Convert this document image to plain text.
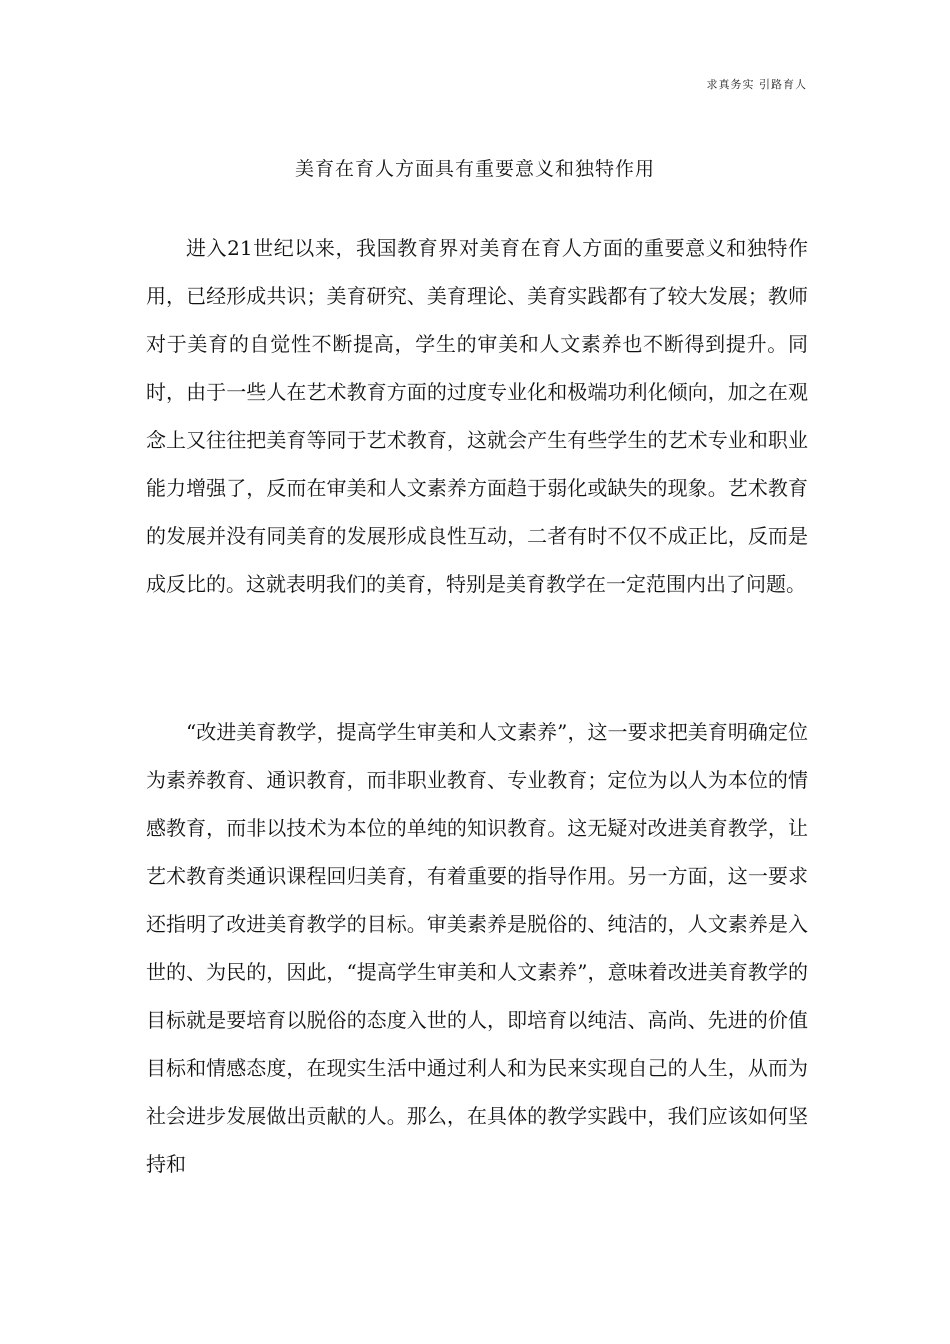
求真务实 引路育人
美育在育人方面具有重要意义和独特作用

进入21世纪以来，我国教育界对美育在育人方面的重要意义和独特作用，已经形成共识；美育研究、美育理论、美育实践都有了较大发展；教师对于美育的自觉性不断提高，学生的审美和人文素养也不断得到提升。同时，由于一些人在艺术教育方面的过度专业化和极端功利化倾向，加之在观念上又往往把美育等同于艺术教育，这就会产生有些学生的艺术专业和职业能力增强了，反而在审美和人文素养方面趋于弱化或缺失的现象。艺术教育的发展并没有同美育的发展形成良性互动，二者有时不仅不成正比，反而是成反比的。这就表明我们的美育，特别是美育教学在一定范围内出了问题。

“改进美育教学，提高学生审美和人文素养”，这一要求把美育明确定位为素养教育、通识教育，而非职业教育、专业教育；定位为以人为本位的情感教育，而非以技术为本位的单纯的知识教育。这无疑对改进美育教学，让艺术教育类通识课程回归美育，有着重要的指导作用。另一方面，这一要求还指明了改进美育教学的目标。审美素养是脱俗的、纯洁的，人文素养是入世的、为民的，因此，“提高学生审美和人文素养”，意味着改进美育教学的目标就是要培育以脱俗的态度入世的人，即培育以纯洁、高尚、先进的价值目标和情感态度，在现实生活中通过利人和为民来实现自己的人生，从而为社会进步发展做出贡献的人。那么，在具体的教学实践中，我们应该如何坚持和
